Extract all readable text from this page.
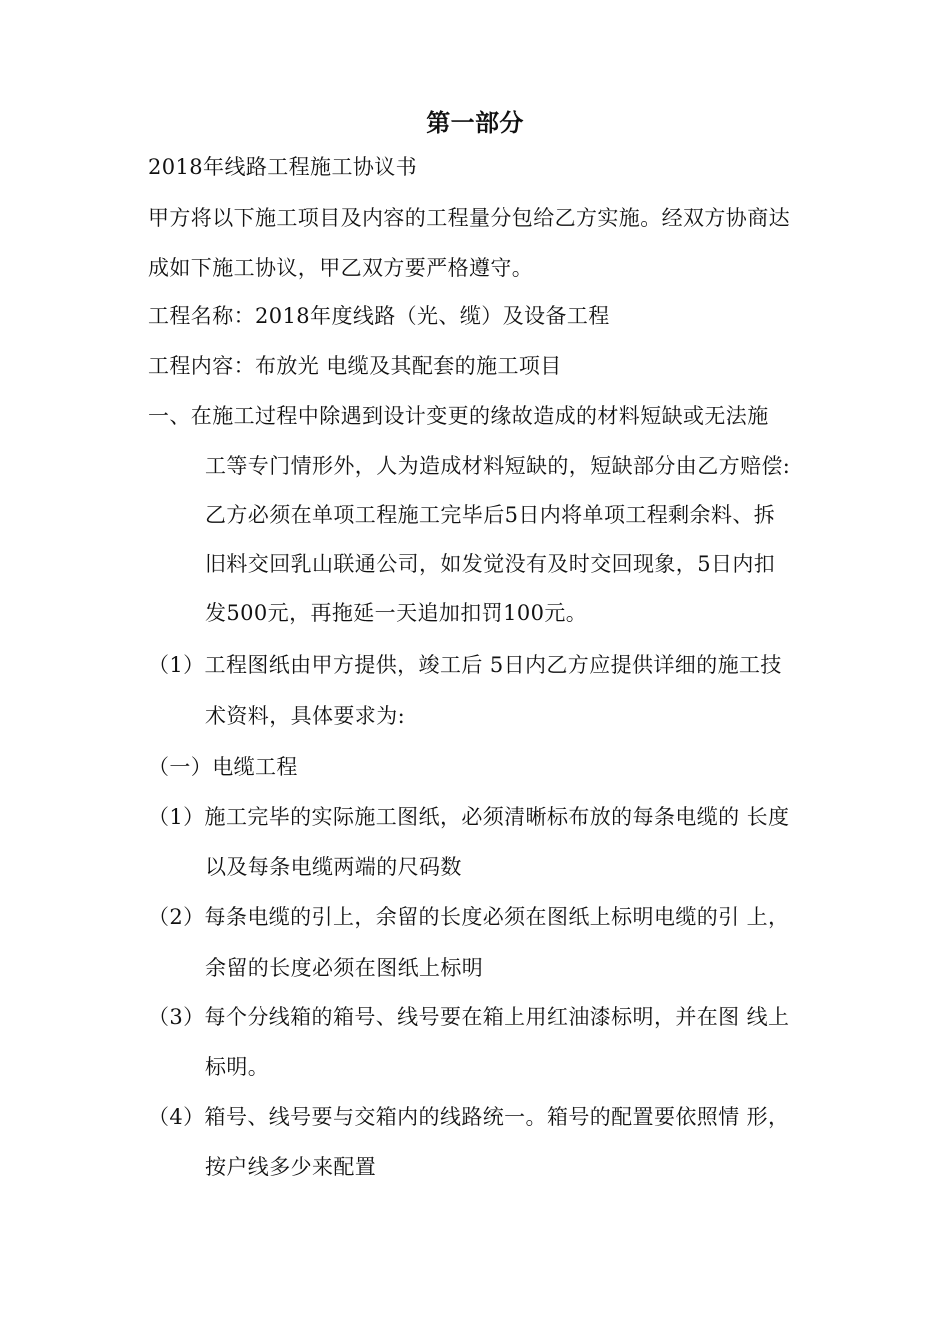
第一部分
2018年线路工程施工协议书
甲方将以下施工项目及内容的工程量分包给乙方实施。经双方协商达
成如下施工协议，甲乙双方要严格遵守。
工程名称：2018年度线路（光、缆）及设备工程
工程内容：布放光 电缆及其配套的施工项目
一、在施工过程中除遇到设计变更的缘故造成的材料短缺或无法施
工等专门情形外，人为造成材料短缺的，短缺部分由乙方赔偿:
乙方必须在单项工程施工完毕后5日内将单项工程剩余料、拆
旧料交回乳山联通公司，如发觉没有及时交回现象，5日内扣
发500元，再拖延一天追加扣罚100元。
（1）工程图纸由甲方提供，竣工后 5日内乙方应提供详细的施工技
术资料，具体要求为:
（一）电缆工程
（1）施工完毕的实际施工图纸，必须清晰标布放的每条电缆的 长度
以及每条电缆两端的尺码数
（2）每条电缆的引上，余留的长度必须在图纸上标明电缆的引 上，
余留的长度必须在图纸上标明
（3）每个分线箱的箱号、线号要在箱上用红油漆标明，并在图 线上
标明。
（4）箱号、线号要与交箱内的线路统一。箱号的配置要依照情 形，
按户线多少来配置
